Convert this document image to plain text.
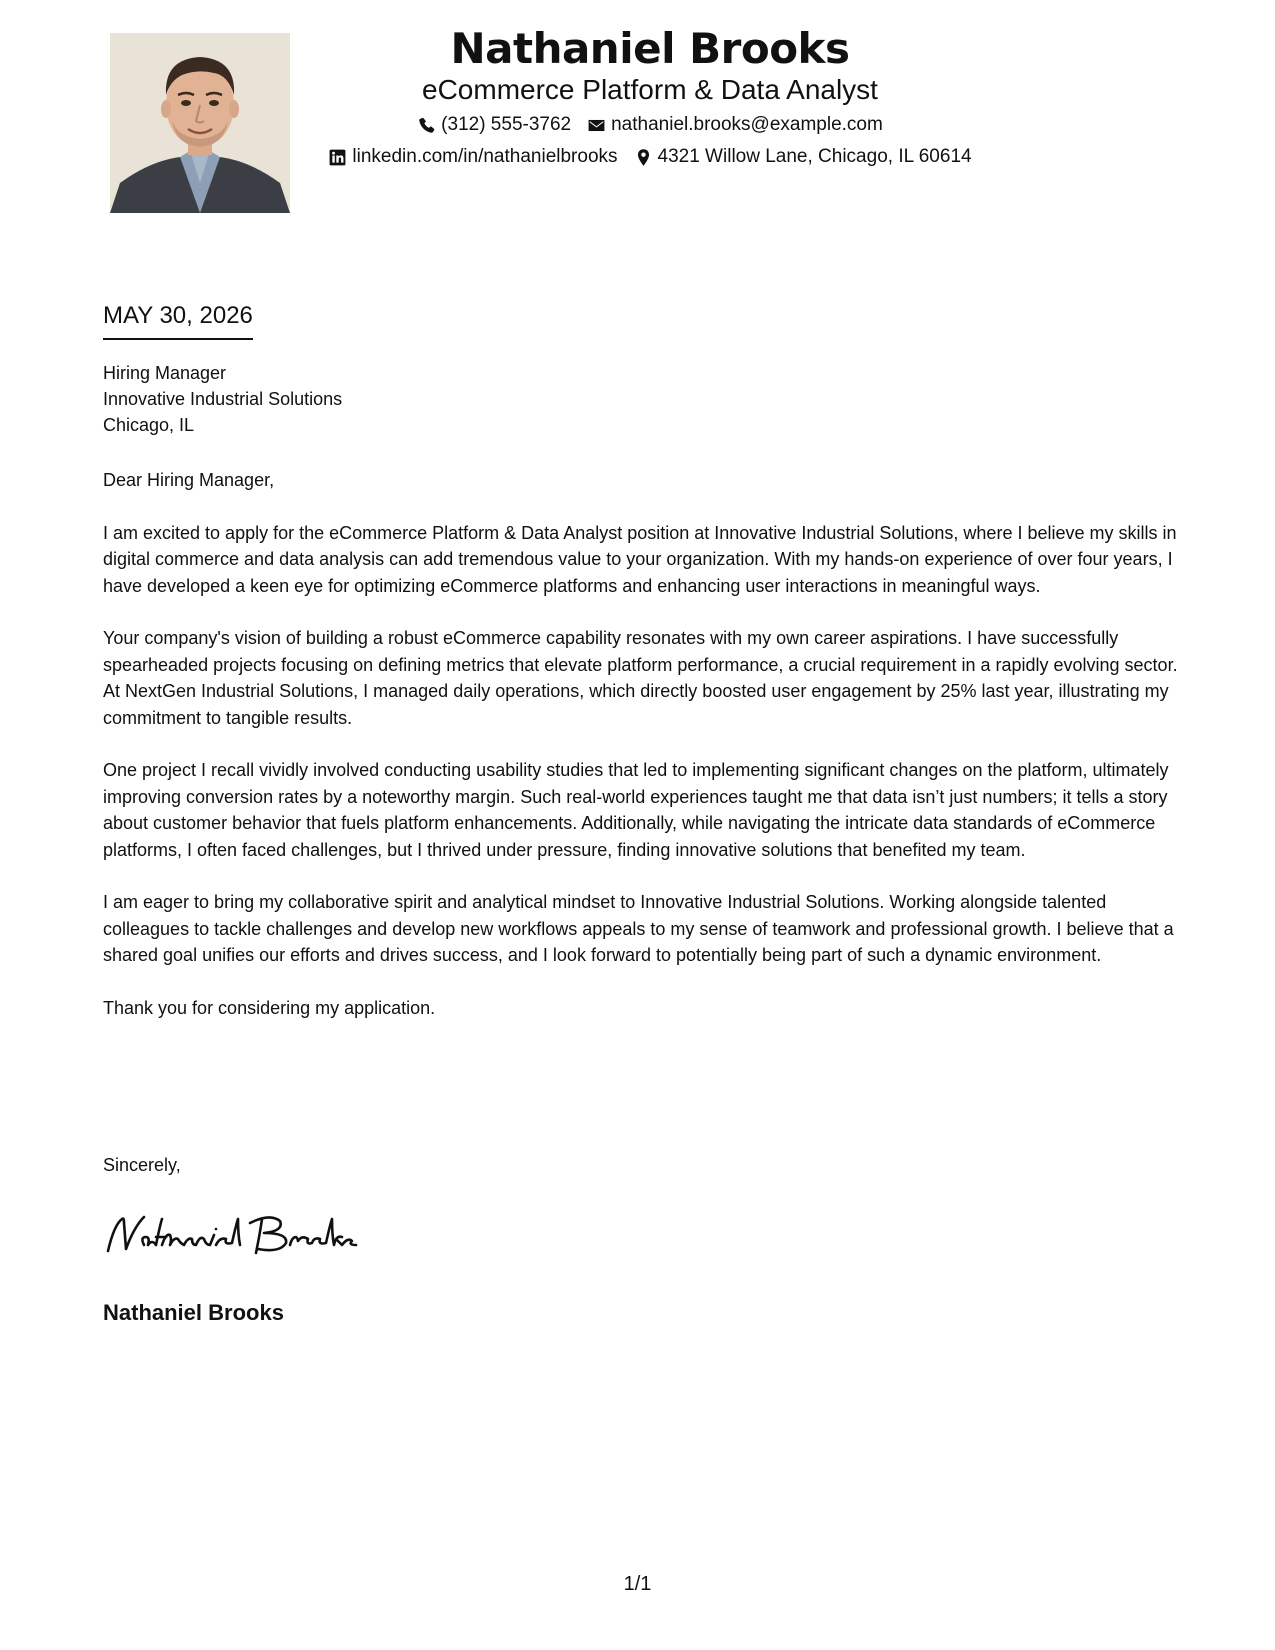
Nathaniel Brooks
eCommerce Platform & Data Analyst
(312) 555-3762 nathaniel.brooks@example.com
linkedin.com/in/nathanielbrooks 4321 Willow Lane, Chicago, IL 60614
MAY 30, 2026
Hiring Manager
Innovative Industrial Solutions
Chicago, IL

Dear Hiring Manager,

I am excited to apply for the eCommerce Platform & Data Analyst position at Innovative Industrial Solutions, where I believe my skills in digital commerce and data analysis can add tremendous value to your organization. With my hands-on experience of over four years, I have developed a keen eye for optimizing eCommerce platforms and enhancing user interactions in meaningful ways.

Your company's vision of building a robust eCommerce capability resonates with my own career aspirations. I have successfully spearheaded projects focusing on defining metrics that elevate platform performance, a crucial requirement in a rapidly evolving sector. At NextGen Industrial Solutions, I managed daily operations, which directly boosted user engagement by 25% last year, illustrating my commitment to tangible results.

One project I recall vividly involved conducting usability studies that led to implementing significant changes on the platform, ultimately improving conversion rates by a noteworthy margin. Such real-world experiences taught me that data isn’t just numbers; it tells a story about customer behavior that fuels platform enhancements. Additionally, while navigating the intricate data standards of eCommerce platforms, I often faced challenges, but I thrived under pressure, finding innovative solutions that benefited my team.

I am eager to bring my collaborative spirit and analytical mindset to Innovative Industrial Solutions. Working alongside talented colleagues to tackle challenges and develop new workflows appeals to my sense of teamwork and professional growth. I believe that a shared goal unifies our efforts and drives success, and I look forward to potentially being part of such a dynamic environment.

Thank you for considering my application.

Sincerely,
Nathaniel Brooks
1/1
